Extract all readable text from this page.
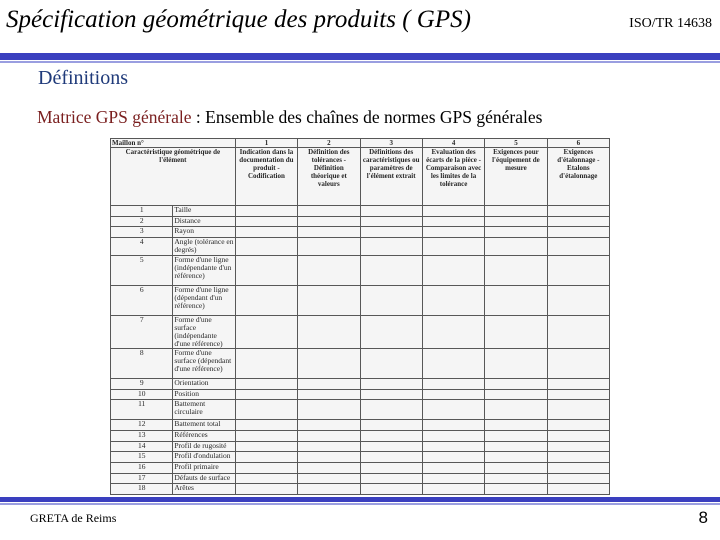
Spécification géométrique des produits ( GPS)	ISO/TR 14638
Définitions
Matrice GPS générale : Ensemble des chaînes de normes GPS générales
Maillon n°		1	2	3	4	5	6
Caractéristique géométrique de l'élément		Indication dans la documentation du produit - Codification	Définition des tolérances - Définition théorique et valeurs	Définitions des caractéristiques ou paramètres de l'élément extrait	Evaluation des écarts de la pièce - Comparaison avec les limites de la tolérance	Exigences pour l'équipement de mesure	Exigences d'étalonnage - Etalons d'étalonnage
1	Taille						
2	Distance						
3	Rayon						
4	Angle (tolérance en degrés)						
5	Forme d'une ligne (indépendante d'un référence)						
6	Forme d'une ligne (dépendant d'un référence)						
7	Forme d'une surface (indépendante d'une référence)						
8	Forme d'une surface (dépendant d'une référence)						
9	Orientation						
10	Position						
11	Battement circulaire						
12	Battement total						
13	Références						
14	Profil de rugosité						
15	Profil d'ondulation						
16	Profil primaire						
17	Défauts de surface						
18	Arêtes						
GRETA de Reims	8
